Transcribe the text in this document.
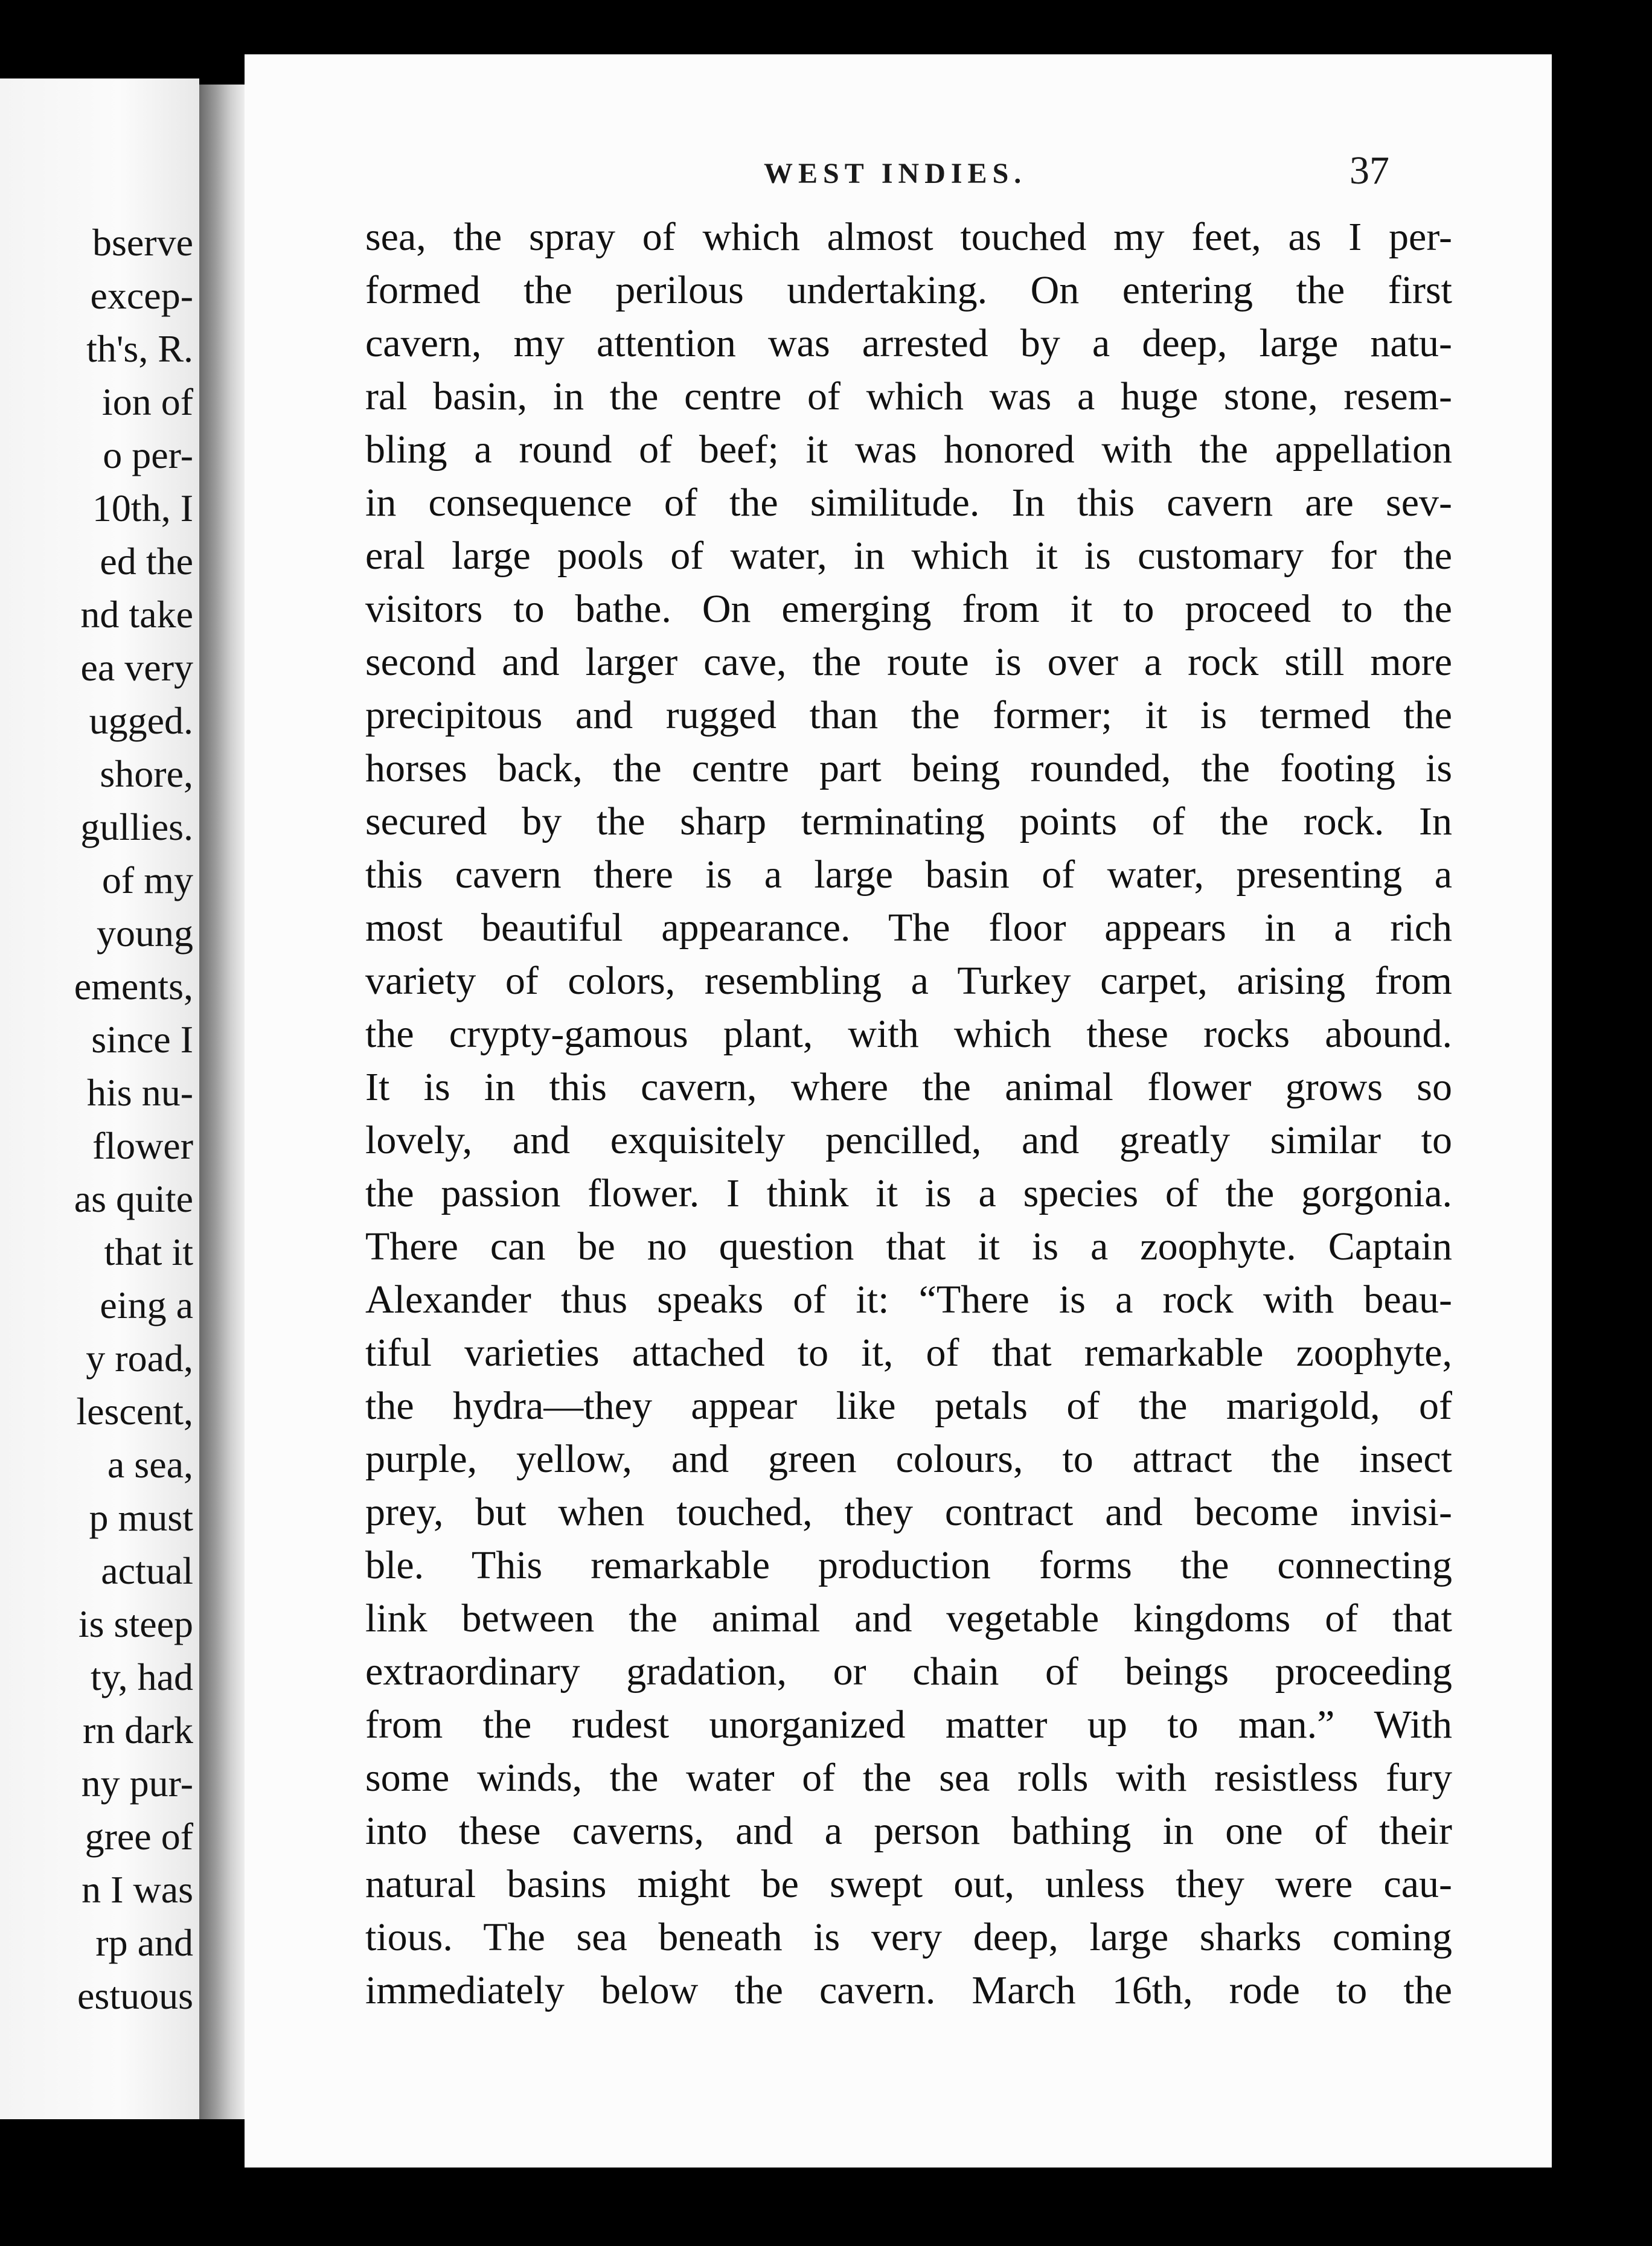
bserve
excep-
th's, R.
ion of
o per-
10th, I
ed the
nd take
ea very
ugged.
shore,
gullies.
of my
young
ements,
since I
his nu-
flower
as quite
that it
eing a
y road,
lescent,
a sea,
p must
actual
is steep
ty, had
rn dark
ny pur-
gree of
n I was
rp and
estuous
WEST INDIES.	37
sea, the spray of which almost touched my feet, as I per-
formed the perilous undertaking. On entering the first
cavern, my attention was arrested by a deep, large natu-
ral basin, in the centre of which was a huge stone, resem-
bling a round of beef; it was honored with the appellation
in consequence of the similitude. In this cavern are sev-
eral large pools of water, in which it is customary for the
visitors to bathe. On emerging from it to proceed to the
second and larger cave, the route is over a rock still more
precipitous and rugged than the former; it is termed the
horses back, the centre part being rounded, the footing is
secured by the sharp terminating points of the rock. In
this cavern there is a large basin of water, presenting a
most beautiful appearance. The floor appears in a rich
variety of colors, resembling a Turkey carpet, arising from
the crypty-gamous plant, with which these rocks abound.
It is in this cavern, where the animal flower grows so
lovely, and exquisitely pencilled, and greatly similar to
the passion flower. I think it is a species of the gorgonia.
There can be no question that it is a zoophyte. Captain
Alexander thus speaks of it: “There is a rock with beau-
tiful varieties attached to it, of that remarkable zoophyte,
the hydra—they appear like petals of the marigold, of
purple, yellow, and green colours, to attract the insect
prey, but when touched, they contract and become invisi-
ble. This remarkable production forms the connecting
link between the animal and vegetable kingdoms of that
extraordinary gradation, or chain of beings proceeding
from the rudest unorganized matter up to man.” With
some winds, the water of the sea rolls with resistless fury
into these caverns, and a person bathing in one of their
natural basins might be swept out, unless they were cau-
tious. The sea beneath is very deep, large sharks coming
immediately below the cavern. March 16th, rode to the
